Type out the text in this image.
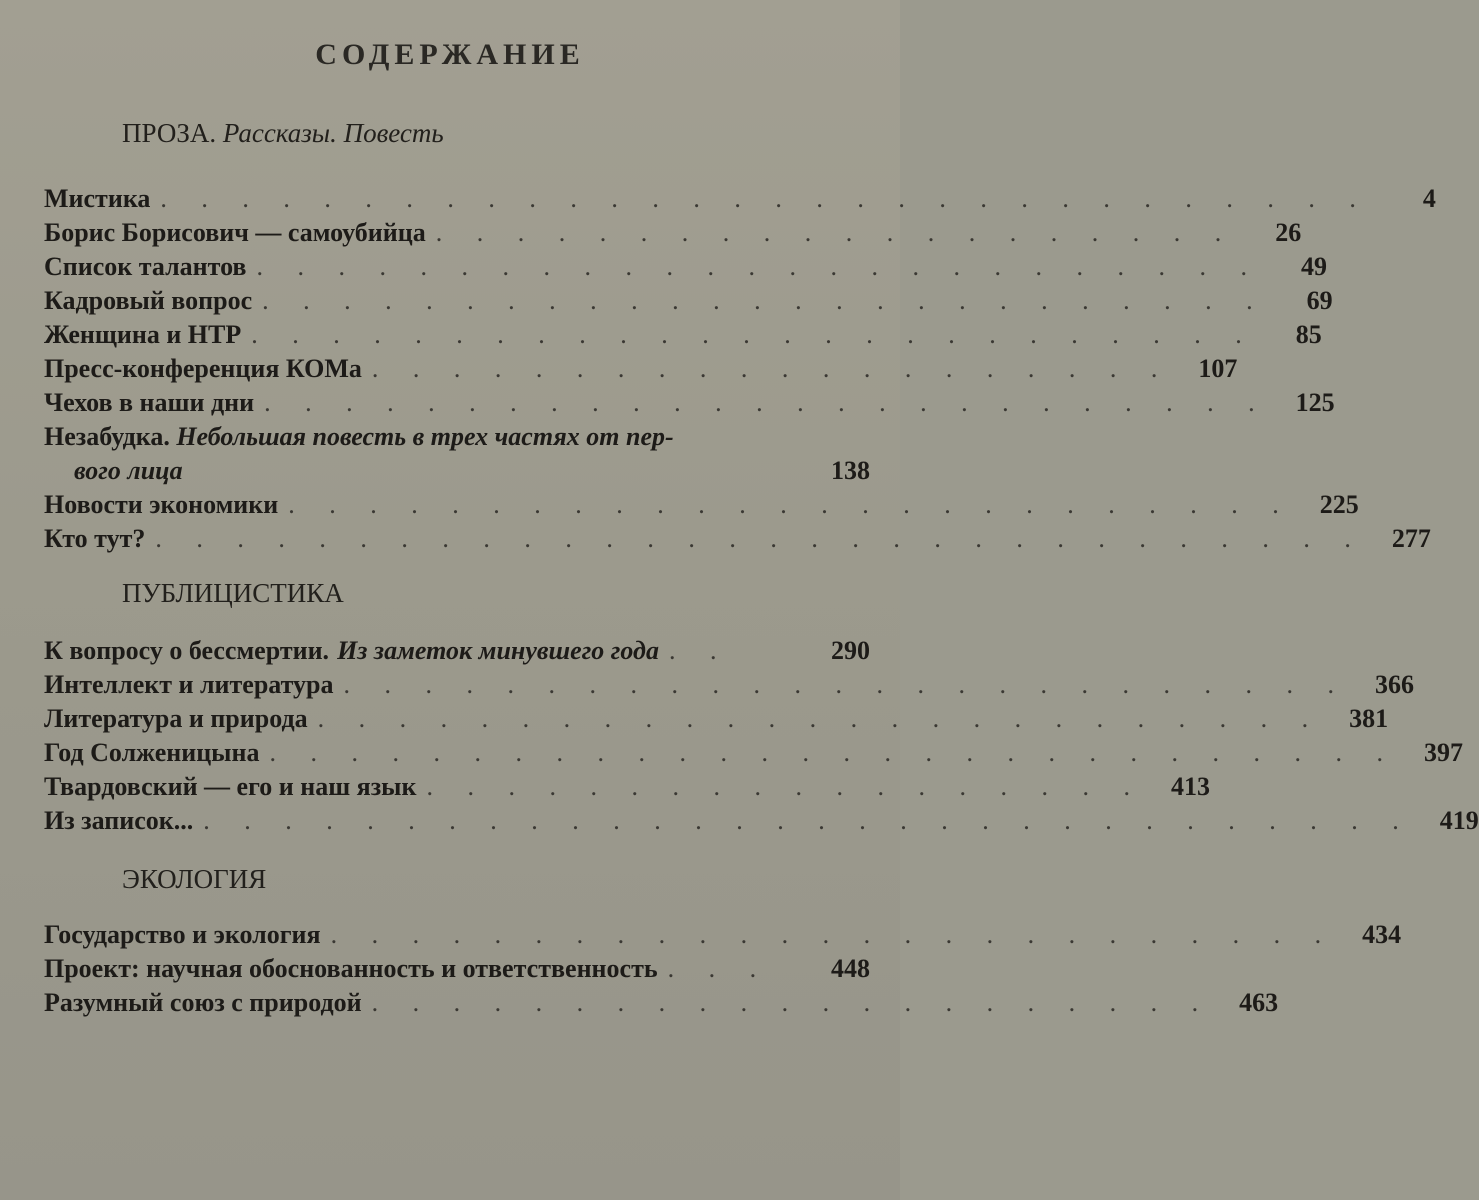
СОДЕРЖАНИЕ
ПРОЗА. Рассказы. Повесть
Мистика . . . . . . . . . . . . . . . . . . . . . . . . . . . . . .	4
Борис Борисович — самоубийца . . . . . . . . . . . . . . . . . . . .	26
Список талантов . . . . . . . . . . . . . . . . . . . . . . . . .	49
Кадровый вопрос . . . . . . . . . . . . . . . . . . . . . . . . .	69
Женщина и НТР . . . . . . . . . . . . . . . . . . . . . . . . .	85
Пресс-конференция КОМа . . . . . . . . . . . . . . . . . . . .	107
Чехов в наши дни . . . . . . . . . . . . . . . . . . . . . . . . .	125
Незабудка. Небольшая повесть в трех частях от пер-
вого лица	138
Новости экономики . . . . . . . . . . . . . . . . . . . . . . . . .	225
Кто тут? . . . . . . . . . . . . . . . . . . . . . . . . . . . . . .	277
ПУБЛИЦИСТИКА
К вопросу о бессмертии. Из заметок минувшего года . .	290
Интеллект и литература . . . . . . . . . . . . . . . . . . . . . . . . .	366
Литература и природа . . . . . . . . . . . . . . . . . . . . . . . . .	381
Год Солженицына . . . . . . . . . . . . . . . . . . . . . . . . . . . .	397
Твардовский — его и наш язык . . . . . . . . . . . . . . . . . .	413
Из записок... . . . . . . . . . . . . . . . . . . . . . . . . . . . . . .	419
ЭКОЛОГИЯ
Государство и экология . . . . . . . . . . . . . . . . . . . . . . . . .	434
Проект: научная обоснованность и ответственность . . .	448
Разумный союз с природой . . . . . . . . . . . . . . . . . . . . .	463
